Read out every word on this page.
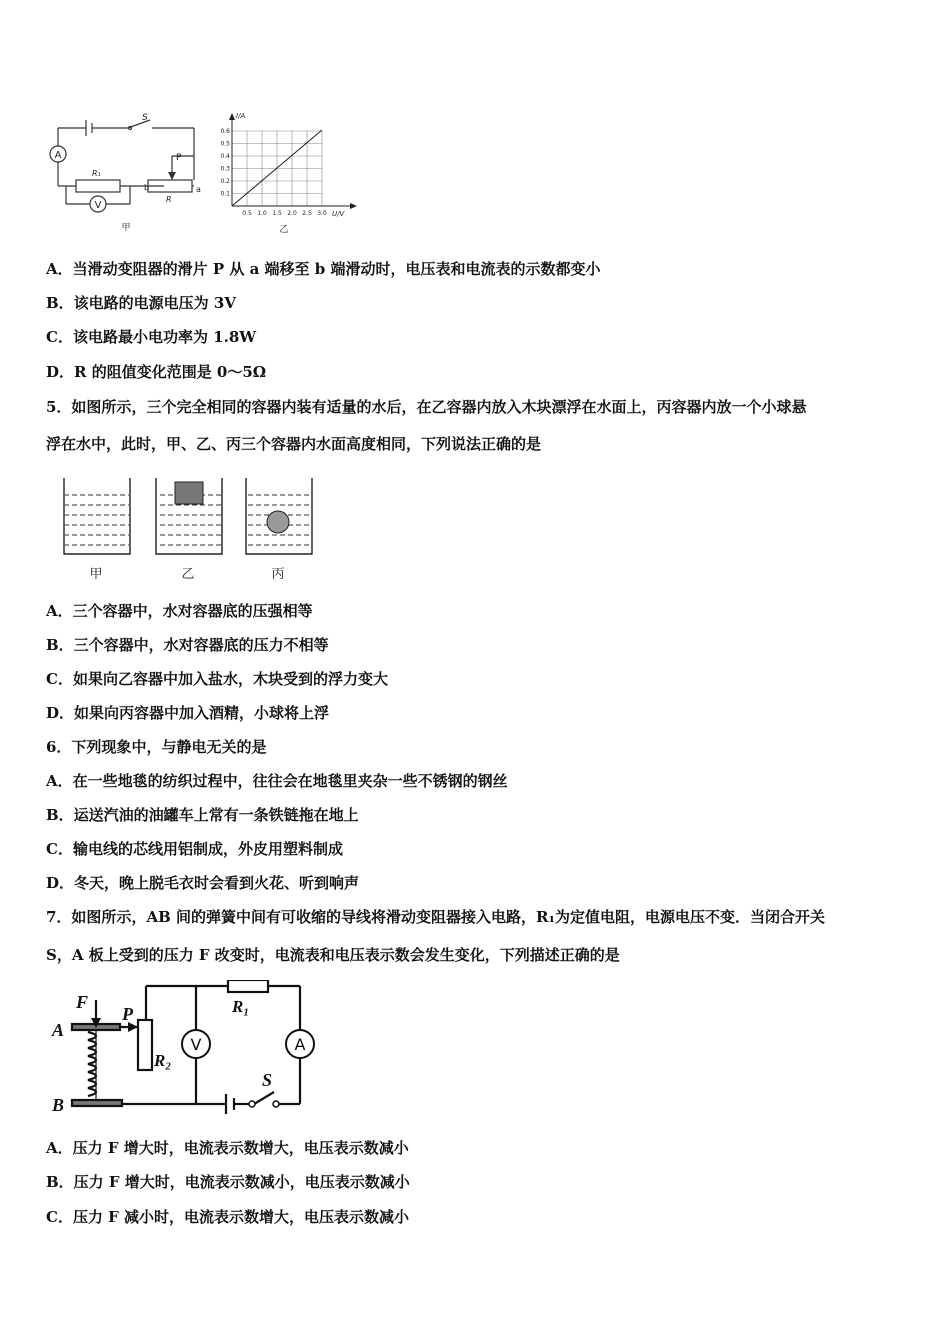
A
V
S
P
R₁
R
b	a
甲
I/A
U/V
0.1
0.2
0.3
0.4
0.5
0.6
0.5 1.0 1.5 2.0 2.5 3.0
乙
A．当滑动变阻器的滑片 P 从 a 端移至 b 端滑动时，电压表和电流表的示数都变小
B．该电路的电源电压为 3V
C．该电路最小电功率为 1.8W
D．R 的阻值变化范围是 0～5Ω
5．如图所示，三个完全相同的容器内装有适量的水后，在乙容器内放入木块漂浮在水面上，丙容器内放一个小球悬
浮在水中，此时，甲、乙、丙三个容器内水面高度相同，下列说法正确的是
甲	乙	丙
A．三个容器中，水对容器底的压强相等
B．三个容器中，水对容器底的压力不相等
C．如果向乙容器中加入盐水，木块受到的浮力变大
D．如果向丙容器中加入酒精，小球将上浮
6．下列现象中，与静电无关的是
A．在一些地毯的纺织过程中，往往会在地毯里夹杂一些不锈钢的钢丝
B．运送汽油的油罐车上常有一条铁链拖在地上
C．输电线的芯线用铝制成，外皮用塑料制成
D．冬天，晚上脱毛衣时会看到火花、听到响声
7．如图所示，AB 间的弹簧中间有可收缩的导线将滑动变阻器接入电路，R₁为定值电阻，电源电压不变．当闭合开关
S，A 板上受到的压力 F 改变时，电流表和电压表示数会发生变化，下列描述正确的是
V	A
F
A
B
P
R₂
R₁
S
A．压力 F 增大时，电流表示数增大，电压表示数减小
B．压力 F 增大时，电流表示数减小，电压表示数减小
C．压力 F 减小时，电流表示数增大，电压表示数减小
